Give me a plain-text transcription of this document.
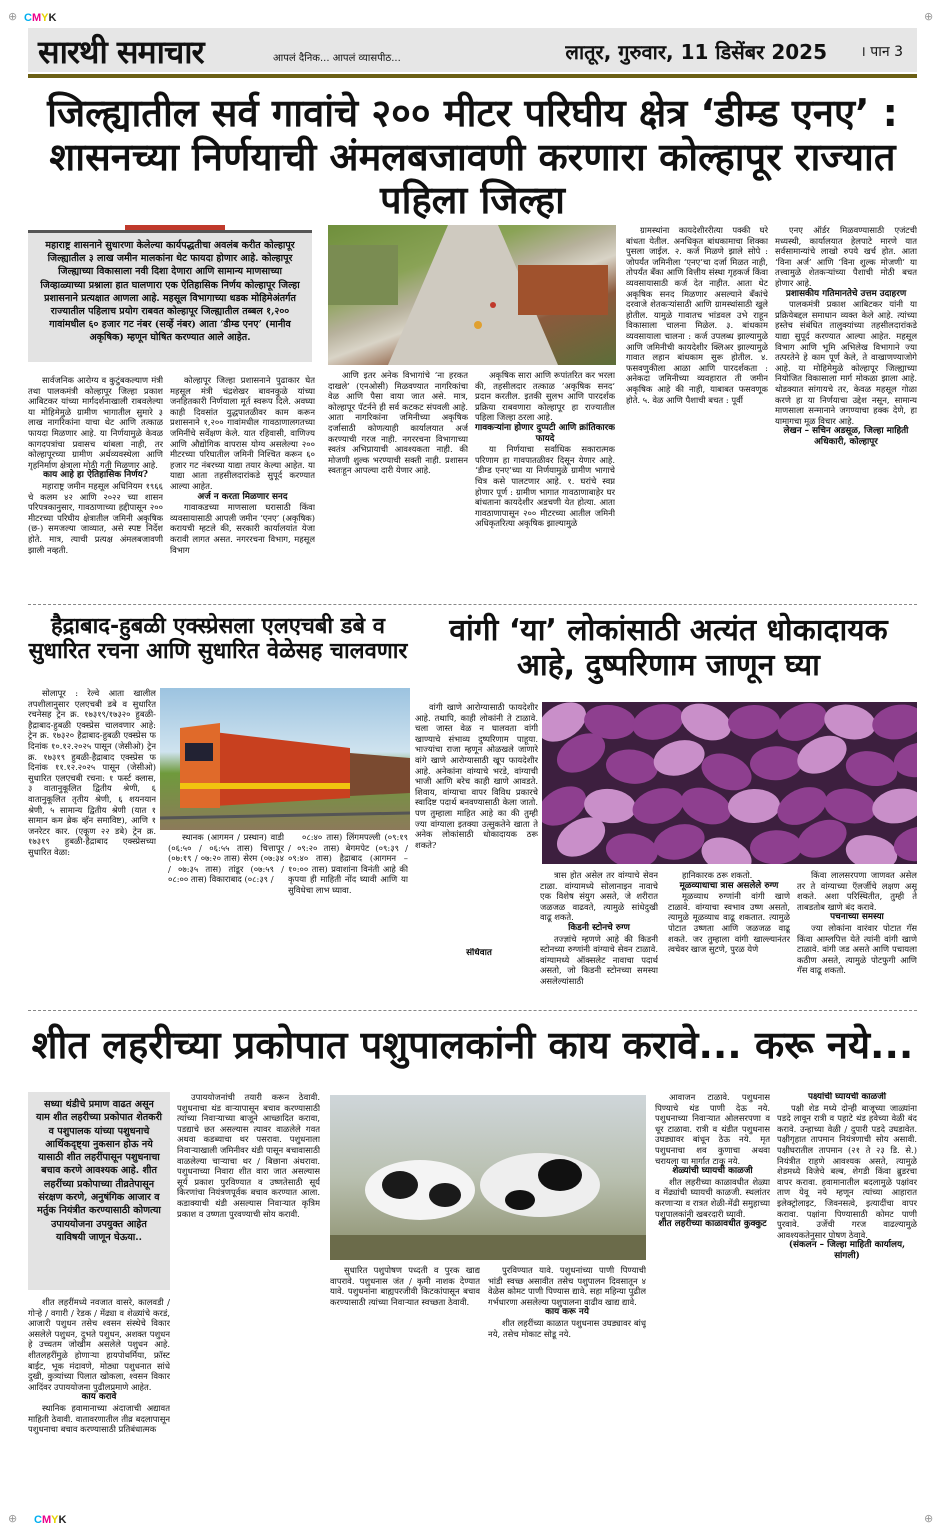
⊕ CMYK	⊕
सारथी समाचार	आपलं दैनिक... आपलं व्यासपीठ...	लातूर, गुरुवार, 11 डिसेंबर 2025 । पान 3
जिल्ह्यातील सर्व गावांचे २०० मीटर परिघीय क्षेत्र ‘डीम्ड एनए’ : शासनच्या निर्णयाची अंमलबजावणी करणारा कोल्हापूर राज्यात पहिला जिल्हा
महाराष्ट्र शासनाने सुधारणा केलेल्या कार्यपद्धतीचा अवलंब करीत कोल्हापूर जिल्ह्यातील ३ लाख जमीन मालकांना थेट फायदा होणार आहे. कोल्हापूर जिल्ह्याच्या विकासाला नवी दिशा देणारा आणि सामान्य माणसाच्या जिव्हाळ्याच्या प्रश्नाला हात घालणारा एक ऐतिहासिक निर्णय कोल्हापूर जिल्हा प्रशासनाने प्रत्यक्षात आणला आहे. महसूल विभागाच्या धडक मोहिमेअंतर्गत राज्यातील पहिलाच प्रयोग राबवत कोल्हापूर जिल्ह्यातील तब्बल १,२०० गावांमधील ६० हजार गट नंबर (सर्व्हे नंबर) आता ‘डीम्ड एनए’ (मानीव अकृषिक) म्हणून घोषित करण्यात आले आहेत.

सार्वजनिक आरोग्य व कुटुंबकल्याण मंत्री तथा पालकमंत्री कोल्हापूर जिल्हा प्रकाश आबिटकर यांच्या मार्गदर्शनाखाली राबवलेल्या या मोहिमेमुळे ग्रामीण भागातील सुमारे ३ लाख नागरिकांना याचा थेट आणि तत्काळ फायदा मिळणार आहे. या निर्णयामुळे केवळ कागदपत्रांचा प्रवासच थांबला नाही, तर कोल्हापूरच्या ग्रामीण अर्थव्यवस्थेला आणि गृहनिर्माण क्षेत्राला मोठी गती मिळणार आहे.

काय आहे हा ऐतिहासिक निर्णय?

महाराष्ट्र जमीन महसूल अधिनियम १९६६ चे कलम ४२ आणि २०२२ च्या शासन परिपत्रकानुसार, गावठाणाच्या हद्दीपासून २०० मीटरच्या परिघीय क्षेत्रातील जमिनी अकृषिक (छ-) समजल्या जाव्यात, असे स्पष्ट निर्देश होते. मात्र, त्याची प्रत्यक्ष अंमलबजावणी झाली नव्हती.

कोल्हापूर जिल्हा प्रशासनाने पुढाकार घेत महसूल मंत्री चंद्रशेखर बावनकुळे यांच्या जनहितकारी निर्णयाला मूर्त स्वरूप दिले. अवघ्या काही दिवसांत युद्धपातळीवर काम करून प्रशासनाने १,२०० गावांमधील गावठाणालगतच्या जमिनींचे सर्वेक्षण केले. यात रहिवासी, वाणिज्य आणि औद्योगिक वापरास योग्य असलेल्या २०० मीटरच्या परिघातील जमिनी निश्चित करून ६० हजार गट नंबरच्या याद्या तयार केल्या आहेत. या याद्या आता तहसीलदारांकडे सुपूर्द करण्यात आल्या आहेत.

अर्ज न करता मिळणार सनद

गावाकडच्या माणसाला घरासाठी किंवा व्यवसायासाठी आपली जमीन ‘एनए’ (अकृषिक) करायची म्हटले की, सरकारी कार्यालयांत येजा करावी लागत असत. नगररचना विभाग, महसूल विभाग

आणि इतर अनेक विभागांचे ‘ना हरकत दाखले’ (एनओसी) मिळवण्यात नागरिकांचा वेळ आणि पैसा वाया जात असे. मात्र, कोल्हापूर पॅटर्नने ही सर्व कटकट संपवली आहे. आता नागरिकांना जमिनीच्या अकृषिक दर्जासाठी कोणत्याही कार्यालयात अर्ज करण्याची गरज नाही. नगररचना विभागाच्या स्वतंत्र अभिप्रायाची आवश्यकता नाही. की मोजणी शुल्क भरण्याची सक्ती नाही. प्रशासन स्वतःहून आपल्या दारी येणार आहे.

अकृषिक सारा आणि रूपांतरित कर भरला की, तहसीलदार तत्काळ ‘अकृषिक सनद’ प्रदान करतील. इतकी सुलभ आणि पारदर्शक प्रक्रिया राबवणारा कोल्हापूर हा राज्यातील पहिला जिल्हा ठरला आहे.

गावकऱ्यांना होणार दुप्पटी आणि क्रांतिकारक फायदे

या निर्णयाचा सर्वाधिक सकारात्मक परिणाम हा गावपातळीवर दिसून येणार आहे. ‘डीम्ड एनए’च्या या निर्णयामुळे ग्रामीण भागाचे चित्र कसे पालटणार आहे. १. घरांचे स्वप्न होणार पूर्ण : ग्रामीण भागात गावठाणाबाहेर घर बांधताना कायदेशीर अडचणी येत होत्या. आता गावठाणापासून २०० मीटरच्या आतील जमिनी अधिकृतरित्या अकृषिक झाल्यामुळे

ग्रामस्थांना कायदेशीररीत्या पक्की घरे बांधता येतील. अनधिकृत बांधकामाचा शिक्का पुसला जाईल. २. कर्ज मिळणे झाले सोपे : जोपर्यंत जमिनीला ‘एनए’चा दर्जा मिळत नाही, तोपर्यंत बँका आणि वित्तीय संस्था गृहकर्ज किंवा व्यवसायासाठी कर्ज देत नाहीत. आता थेट अकृषिक सनद मिळणार असल्याने बँकांचे दरवाजे शेतकऱ्यांसाठी आणि ग्रामस्थांसाठी खुले होतील. यामुळे गावातच भांडवल उभे राहून विकासाला चालना मिळेल. ३. बांधकाम व्यवसायाला चालना : कर्ज उपलब्ध झाल्यामुळे आणि जमिनीची कायदेशीर क्लिअर झाल्यामुळे गावात लहान बांधकाम सुरू होतील. ४. फसवणुकीला आळा आणि पारदर्शकता : अनेकदा जमिनीच्या व्यवहारात ती जमीन अकृषिक आहे की नाही, याबाबत फसवणूक होते. ५. वेळ आणि पैशाची बचत : पूर्वी

एनए ऑर्डर मिळवण्यासाठी एजंटची मध्यस्थी, कार्यालयात हेलपाटे मारणे यात सर्वसामान्यांचे लाखो रुपये खर्च होत. आता ‘विना अर्ज’ आणि ‘विना शुल्क मोजणी’ या तत्त्वामुळे शेतकऱ्यांच्या पैशाची मोठी बचत होणार आहे.

प्रशासकीय गतिमानतेचे उत्तम उदाहरण

पालकमंत्री प्रकाश आबिटकर यांनी या प्रक्रियेबद्दल समाधान व्यक्त केले आहे. त्यांच्या हस्तेच संबंधित तालुक्यांच्या तहसीलदारांकडे याद्या सुपूर्द करण्यात आल्या आहेत. महसूल विभाग आणि भूमि अभिलेख विभागाने ज्या तत्परतेने हे काम पूर्ण केले, ते वाखाणण्याजोगे आहे. या मोहिमेमुळे कोल्हापूर जिल्ह्याच्या नियोजित विकासाला मार्ग मोकळा झाला आहे. थोडक्यात सांगायचे तर, केवळ महसूल गोळा करणे हा या निर्णयाचा उद्देश नसून, सामान्य माणसाला सन्मानाने जगण्याचा हक्क देणे, हा यामागचा मूळ विचार आहे.

लेखन – सचिन अडसूळ, जिल्हा माहिती अधिकारी, कोल्हापूर

हैद्राबाद-हुबळी एक्स्प्रेसला एलएचबी डबे व सुधारित रचना आणि सुधारित वेळेसह चालवणार

सोलापूर : रेल्वे आता खालील तपशीलानुसार एलएचबी डबे व सुधारित रचनेसह ट्रेन क्र. १७३१९/१७३२० हुबळी-हैद्राबाद-हुबळी एक्स्प्रेस चालवणार आहे: ट्रेन क्र. १७३२० हैद्राबाद-हुबळी एक्स्प्रेस फ दिनांक १०.१२.२०२५ पासून (जेसीओ) ट्रेन क्र. १७३१९ हुबळी-हैद्राबाद एक्स्प्रेस फ दिनांक ११.१२.२०२५ पासून (जेसीओ) सुधारित एलएचबी रचना: १ फर्स्ट क्लास, ३ वातानुकूलित द्वितीय श्रेणी, ६ वातानुकूलित तृतीय श्रेणी, ६ शयनयान श्रेणी, ५ सामान्य द्वितीय श्रेणी (यात १ सामान कम ब्रेक व्हॅन समाविष्ट), आणि १ जनरेटर कार. (एकूण २२ डबे) ट्रेन क्र. १७३१९ हुबळी-हैद्राबाद एक्स्प्रेसच्या सुधारित वेळा:

स्थानक (आगमन / प्रस्थान) वाडी (०६:५० / ०६:५५ तास) चित्तापूर (०७:१९ / ०७:२० तास) सेरम (०७:३४ / ०७:३५ तास) तांडूर (०७:५९ / ०८:०० तास) विकाराबाद (०८:३९ /

०८:४० तास) लिंगमपल्ली (०९:१९ / ०९:२० तास) बेगमपेट (०९:३९ / ०९:४० तास) हैद्राबाद (आगमन – १०:०० तास) प्रवाशांना विनंती आहे की कृपया ही माहिती नोंद घ्यावी आणि या सुविधेचा लाभ घ्यावा.

वांगी ‘या’ लोकांसाठी अत्यंत धोकादायक आहे, दुष्परिणाम जाणून घ्या

वांगी खाणे आरोग्यासाठी फायदेशीर आहे. तथापि, काही लोकांनी ते टाळावे. चला जास्त वेळ न घालवता वांगी खाण्याचे संभाव्य दुष्परिणाम पाहूया. भाज्यांचा राजा म्हणून ओळखले जाणारे वांगे खाणे आरोग्यासाठी खूप फायदेशीर आहे. अनेकांना वांग्याचे भरडे, वांग्याची भाजी आणि बरेच काही खाणे आवडते. शिवाय, वांग्याचा वापर विविध प्रकारचे स्वादिष्ट पदार्थ बनवण्यासाठी केला जातो. पण तुम्हाला माहित आहे का की तुम्ही ज्या वांग्याला इतक्या उत्सुकतेने खाता ते अनेक लोकांसाठी धोकादायक ठरू शकते?

त्रास होत असेल तर वांग्याचे सेवन टाळा. वांग्यामध्ये सोलानाइन नावाचे एक विशेष संयुग असते, जे शरीरात जळजळ वाढवते, त्यामुळे सांधेदुखी वाढू शकते.

किडनी स्टोनचे रुग्ण

तज्ज्ञांचे म्हणणे आहे की किडनी स्टोनच्या रुग्णांनी वांग्याचे सेवन टाळावे. वांग्यामध्ये ऑक्सलेट नावाचा पदार्थ असतो, जो किडनी स्टोनच्या समस्या असलेल्यांसाठी

संधिवात

हानिकारक ठरू शकतो.

मूळव्याधाचा त्रास असलेले रुग्ण

मूळव्याध रुग्णांनी वांगी खाणे टाळावे. वांग्याचा स्वभाव उष्ण असतो, त्यामुळे मूळव्याध वाढू शकतात. त्यामुळे पोटात उष्णता आणि जळजळ वाढू शकते. जर तुम्हाला वांगी खाल्ल्यानंतर त्वचेवर खाज सुटणे, पुरळ येणे

किंवा लालसरपणा जाणवत असेल तर ते वांग्याच्या ऍलर्जीचे लक्षण असू शकते. अशा परिस्थितीत, तुम्ही ते ताबडतोब खाणे बंद करावे.

पचनाच्या समस्या

ज्या लोकांना वारंवार पोटात गॅस किंवा आम्लपित्त येते त्यांनी वांगी खाणे टाळावे. वांगी जड असते आणि पचायला कठीण असते, त्यामुळे पोटफुगी आणि गॅस वाढू शकतो.

शीत लहरीच्या प्रकोपात पशुपालकांनी काय करावे... करू नये...
सध्या थंडीचे प्रमाण वाढत असून याम शीत लहरीच्या प्रकोपात शेतकरी व पशुपालक यांच्या पशुधनाचे आर्थिकदृष्ट्या नुकसान होऊ नये यासाठी शीत लहरींपासून पशुधनाचा बचाव करणे आवश्यक आहे. शीत लहरींच्या प्रकोपाच्या तीव्रतेपासून संरक्षण करणे, अनुषंगिक आजार व मर्तुक नियंत्रीत करण्यासाठी कोणत्या उपाययोजना उपयुक्त आहेत याविषयी जाणून घेऊया..

शीत लहरींमध्ये नवजात वासरे, कालवडी / गोऱ्हे / वगारी / रेडक / मेंढ्या व शेळ्यांचे करडं, आजारी पशुधन तसेच श्वसन संस्थेचे विकार असलेले पशुधन, दुभते पशुधन, अशक्त पशुधन हे उच्चतम जोखीम असलेले पशुधन आहे. शीतलहरींमुळे होणाऱ्या हायपोथर्मिया, फ्रॉस्ट बाईट, भूक मंदावणे, मोठ्या पशुधनात सांधे दुखी, कुत्र्यांच्या पिलात खोकला, श्वसन विकार आदिंवर उपाययोजना पुढीलप्रमाणे आहेत.

काय करावे

स्थानिक हवामानाच्या अंदाजाची अद्यावत माहिती ठेवावी. वातावरणातील तीव्र बदलापासून पशुधनाचा बचाव करण्यासाठी प्रतिबंधात्मक

उपाययोजनांची तयारी करून ठेवावी. पशुधनाचा थंड वाऱ्यापासून बचाव करण्यासाठी त्यांच्या निवाऱ्याच्या बाजूने आच्छादित करावा, पडद्याचे छत असल्यास त्यावर वाळलेले गवत अथवा कडब्याचा थर पसरावा. पशुधनाला निवाऱ्याखाली जमिनीवर थंडी पासून बचावासाठी वाळलेल्या चाऱ्याचा थर / बिछाना अंथरावा. पशुधनाच्या निवारा शीत वारा जात असल्यास सूर्य प्रकाश पुरविण्यात व उष्णतेसाठी सूर्य किरणांचा नियंत्रणपूर्वक बचाव करण्यात आला. कडाक्याची थंडी असल्यास निवाऱ्यात कृत्रिम प्रकाश व उष्णता पुरवण्याची सोय करावी.

सुधारित पशुपोषण पध्दती व पुरक खाद्य वापरावे. पशुधनास जंत / कृमी नाशक देण्यात यावे. पशुधनांना बाह्यपरजीवी किटकांपासून बचाव करण्यासाठी त्यांच्या निवाऱ्यात स्वच्छता ठेवावी.

पुरविण्यात यावे. पशुधनांच्या पाणी पिण्याची भांडी स्वच्छ असावीत तसेच पशुपालन दिवसातून ४ वेळेस कोमट पाणी पिण्यास द्यावे. सहा महिन्या पुढील गर्भधारणा असलेल्या पशुपालना वाढीव खाद्य द्यावे.

काय करू नये

शीत लहरींच्या काळात पशुधनास उघड्यावर बांधू नये, तसेच मोकाट सोडू नये.

आवाजन टाळावे. पशुधनास पिण्याचे थंड पाणी देऊ नये. पशुधनाच्या निवाऱ्यात ओलसरपणा व धूर टाळावा. रात्री व थंडीत पशुधनास उघड्यावर बांधून ठेऊ नये. मृत पशुधनाचा शव कुणाचा अथवा चरायला या मार्गात टाकू नये.

शेळ्यांची घ्यायची काळजी

शीत लहरीच्या काळावधीत शेळ्या व मेंढ्यांची घ्यायची काळजी. स्थलांतर करणाऱ्या व रात्रत शेळी-मेंढी समुहाच्या पशुपालकांनी खबरदारी घ्यावी.

शीत लहरीच्या काळावधीत कुक्कुट

पक्ष्यांची घ्यायची काळजी

पक्षी शेड मध्ये दोन्ही बाजूच्या जाळ्यांना पडदे लावून रात्री व पहाटे थंड हवेच्या वेळी बंद करावे. उन्हाच्या वेळी / दुपारी पडदे उघडावेत. पक्षीगृहात तापमान नियंत्रणाची सोय असावी. पक्षीघरातील तापमान (२१ ते २३ डि. से.) नियंत्रीत राहणे आवश्यक असते, त्यामुळे शेडमध्ये विजेचे बल्ब, शेगडी किंवा ब्रुडरचा वापर करावा. हवामानातील बदलामुळे पक्षांवर ताण येवू नये म्हणून त्यांच्या आहारात इलेक्ट्रोलाइट, जिवनसत्वे, इत्यादींचा वापर करावा. पक्षांना पिण्यासाठी कोमट पाणी पुरवावे. उर्जेची गरज वाढल्यामुळे आवश्यकतेनुसार पोषण ठेवावे.

(संकलन – जिल्हा माहिती कार्यालय, सांगली)

⊕ CMYK	⊕
